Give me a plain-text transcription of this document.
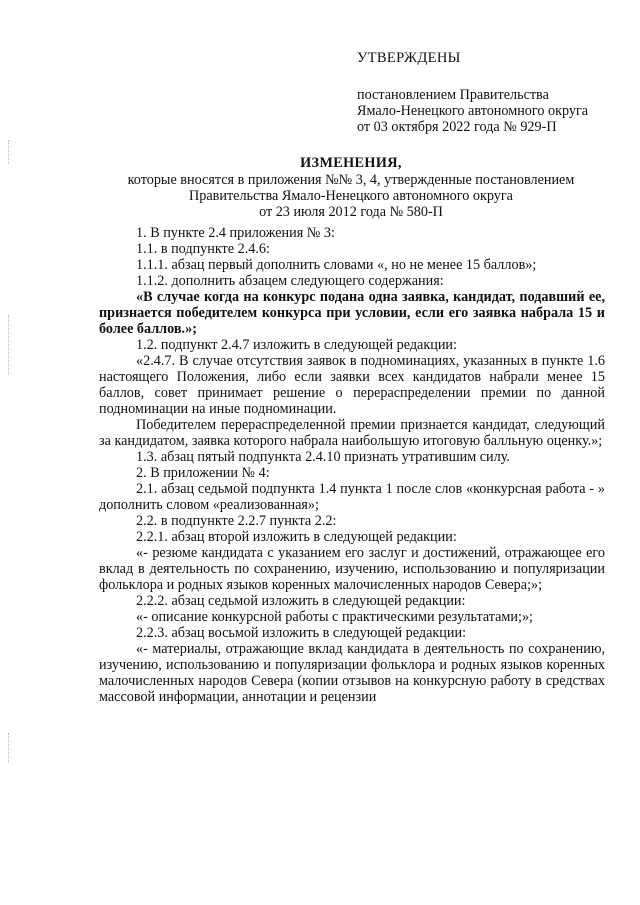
УТВЕРЖДЕНЫ
постановлением Правительства
Ямало-Ненецкого автономного округа
от 03 октября 2022 года № 929-П
ИЗМЕНЕНИЯ,
которые вносятся в приложения №№ 3, 4, утвержденные постановлением
Правительства Ямало-Ненецкого автономного округа
от 23 июля 2012 года № 580-П
1. В пункте 2.4 приложения № 3:
1.1. в подпункте 2.4.6:
1.1.1. абзац первый дополнить словами «, но не менее 15 баллов»;
1.1.2. дополнить абзацем следующего содержания:
«В случае когда на конкурс подана одна заявка, кандидат, подавший ее, признается победителем конкурса при условии, если его заявка набрала 15 и более баллов.»;
1.2. подпункт 2.4.7 изложить в следующей редакции:
«2.4.7. В случае отсутствия заявок в подноминациях, указанных в пункте 1.6 настоящего Положения, либо если заявки всех кандидатов набрали менее 15 баллов, совет принимает решение о перераспределении премии по данной подноминации на иные подноминации.
Победителем перераспределенной премии признается кандидат, следующий за кандидатом, заявка которого набрала наибольшую итоговую балльную оценку.»;
1.3. абзац пятый подпункта 2.4.10 признать утратившим силу.
2. В приложении № 4:
2.1. абзац седьмой подпункта 1.4 пункта 1 после слов «конкурсная работа - » дополнить словом «реализованная»;
2.2. в подпункте 2.2.7 пункта 2.2:
2.2.1. абзац второй изложить в следующей редакции:
«- резюме кандидата с указанием его заслуг и достижений, отражающее его вклад в деятельность по сохранению, изучению, использованию и популяризации фольклора и родных языков коренных малочисленных народов Севера;»;
2.2.2. абзац седьмой изложить в следующей редакции:
«- описание конкурсной работы с практическими результатами;»;
2.2.3. абзац восьмой изложить в следующей редакции:
«- материалы, отражающие вклад кандидата в деятельность по сохранению, изучению, использованию и популяризации фольклора и родных языков коренных малочисленных народов Севера (копии отзывов на конкурсную работу в средствах массовой информации, аннотации и рецензии
